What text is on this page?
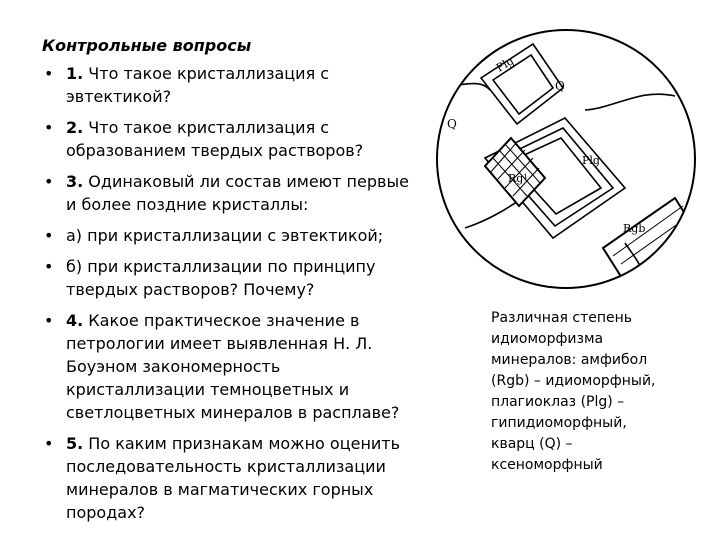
Контрольные вопросы
• 1. Что такое кристаллизация с эвтектикой?
• 2. Что такое кристаллизация с образованием твердых растворов?
• 3. Одинаковый ли состав имеют первые и более поздние кристаллы:
• а) при кристаллизации с эвтектикой;
• б) при кристаллизации по принципу твердых растворов? Почему?
• 4. Какое практическое значение в петрологии имеет выявленная Н. Л. Боуэном закономерность кристаллизации темноцветных и светлоцветных минералов в расплаве?
• 5. По каким признакам можно оценить последовательность кристаллизации минералов в магматических горных породах?
Plg
Q
Q
Plg
Rg¹
Rgb
Различная степень
идиоморфизма
минералов: амфибол
(Rgb) – идиоморфный,
плагиоклаз (Plg) –
гипидиоморфный,
кварц (Q) –
ксеноморфный
